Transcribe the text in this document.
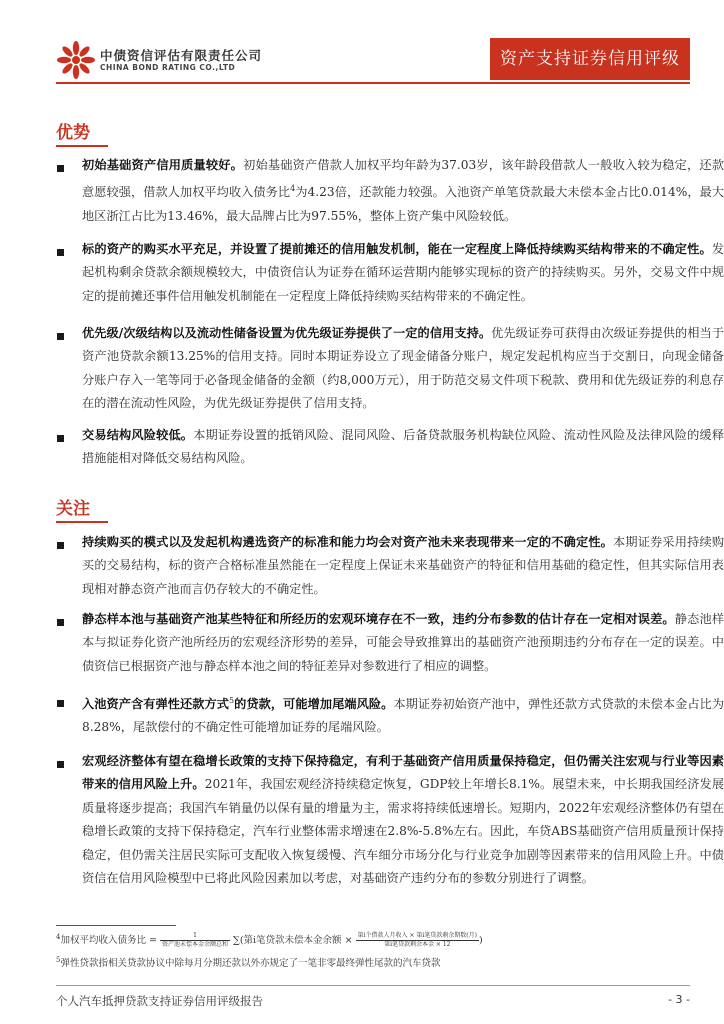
中债资信评估有限责任公司
CHINA BOND RATING CO.,LTD	资产支持证券信用评级
优势
初始基础资产信用质量较好。初始基础资产借款人加权平均年龄为37.03岁，该年龄段借款人一般收入较为稳定，还款意愿较强，借款人加权平均收入债务比$^4$为4.23倍，还款能力较强。入池资产单笔贷款最大未偿本金占比0.014%，最大地区浙江占比为13.46%，最大品牌占比为97.55%，整体上资产集中风险较低。
标的资产的购买水平充足，并设置了提前摊还的信用触发机制，能在一定程度上降低持续购买结构带来的不确定性。发起机构剩余贷款余额规模较大，中债资信认为证券在循环运营期内能够实现标的资产的持续购买。另外，交易文件中规定的提前摊还事件信用触发机制能在一定程度上降低持续购买结构带来的不确定性。
优先级/次级结构以及流动性储备设置为优先级证券提供了一定的信用支持。优先级证券可获得由次级证券提供的相当于资产池贷款余额13.25%的信用支持。同时本期证券设立了现金储备分账户，规定发起机构应当于交割日，向现金储备分账户存入一笔等同于必备现金储备的金额（约8,000万元），用于防范交易文件项下税款、费用和优先级证券的利息存在的潜在流动性风险，为优先级证券提供了信用支持。
交易结构风险较低。本期证券设置的抵销风险、混同风险、后备贷款服务机构缺位风险、流动性风险及法律风险的缓释措施能相对降低交易结构风险。
关注
持续购买的模式以及发起机构遴选资产的标准和能力均会对资产池未来表现带来一定的不确定性。本期证券采用持续购买的交易结构，标的资产合格标准虽然能在一定程度上保证未来基础资产的特征和信用基础的稳定性，但其实际信用表现相对静态资产池而言仍存较大的不确定性。
静态样本池与基础资产池某些特征和所经历的宏观环境存在不一致，违约分布参数的估计存在一定相对误差。静态池样本与拟证券化资产池所经历的宏观经济形势的差异，可能会导致推算出的基础资产池预期违约分布存在一定的误差。中债资信已根据资产池与静态样本池之间的特征差异对参数进行了相应的调整。
入池资产含有弹性还款方式$^5$的贷款，可能增加尾端风险。本期证券初始资产池中，弹性还款方式贷款的未偿本金占比为8.28%，尾款偿付的不确定性可能增加证券的尾端风险。
宏观经济整体有望在稳增长政策的支持下保持稳定，有利于基础资产信用质量保持稳定，但仍需关注宏观与行业等因素带来的信用风险上升。2021年，我国宏观经济持续稳定恢复，GDP较上年增长8.1%。展望未来，中长期我国经济发展质量将逐步提高；我国汽车销量仍以保有量的增量为主，需求将持续低速增长。短期内，2022年宏观经济整体仍有望在稳增长政策的支持下保持稳定，汽车行业整体需求增速在2.8%-5.8%左右。因此，车贷ABS基础资产信用质量预计保持稳定，但仍需关注居民实际可支配收入恢复缓慢、汽车细分市场分化与行业竞争加剧等因素带来的信用风险上升。中债资信在信用风险模型中已将此风险因素加以考虑，对基础资产违约分布的参数分别进行了调整。
$^4$加权平均收入债务比 = $\frac{1}{\text{资产池未偿本金余额总和}}$ ∑(第i笔贷款未偿本金余额 × $\frac{\text{第i个借款人月收入 × 第i笔贷款剩余期数(月)}}{\text{第i笔贷款剩余本金 × 12}}$ )
$^5$弹性贷款指相关贷款协议中除每月分期还款以外亦规定了一笔非零最终弹性尾款的汽车贷款
个人汽车抵押贷款支持证券信用评级报告	- 3 -
